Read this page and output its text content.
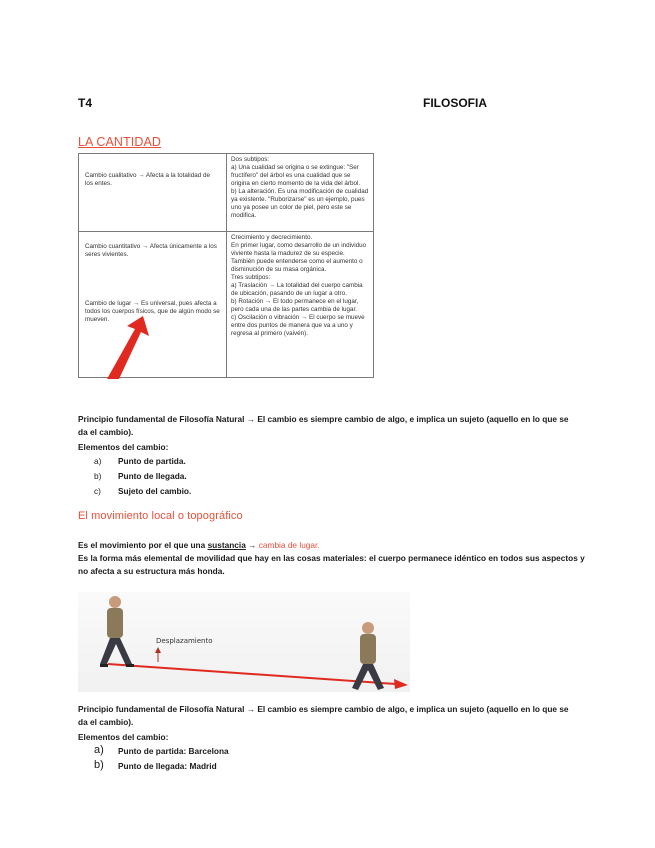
T4	FILOSOFIA
LA CANTIDAD

Cambio cualitativo → Afecta a la totalidad de los entes.

Dos subtipos:

a) Una cualidad se origina o se extingue: "Ser fructífero" del árbol es una cualidad que se origina en cierto momento de la vida del árbol.

b) La alteración. Es una modificación de cualidad ya existente. "Ruborizarse" es un ejemplo, pues uno ya posee un color de piel, pero este se modifica.

Cambio cuantitativo → Afecta únicamente a los seres vivientes.

Cambio de lugar → Es universal, pues afecta a todos los cuerpos físicos, que de algún modo se mueven.

Crecimiento y decrecimiento.

En primer lugar, como desarrollo de un individuo viviente hasta la madurez de su especie.

También puede entenderse como el aumento o disminución de su masa orgánica.

Tres subtipos:

a) Traslación → La totalidad del cuerpo cambia de ubicación, pasando de un lugar a otro.

b) Rotación → El todo permanece en el lugar, pero cada una de las partes cambia de lugar.

c) Oscilación o vibración → El cuerpo se mueve entre dos puntos de manera que va a uno y regresa al primero (vaivén).

Principio fundamental de Filosofía Natural → El cambio es siempre cambio de algo, e implica un sujeto (aquello en lo que se da el cambio).
Elementos del cambio:
a) Punto de partida.
b) Punto de llegada.
c) Sujeto del cambio.
El movimiento local o topográfico
Es el movimiento por el que una sustancia → cambia de lugar.
Es la forma más elemental de movilidad que hay en las cosas materiales: el cuerpo permanece idéntico en todos sus aspectos y no afecta a su estructura más honda.
Desplazamiento
Principio fundamental de Filosofía Natural → El cambio es siempre cambio de algo, e implica un sujeto (aquello en lo que se da el cambio).
Elementos del cambio:
a) Punto de partida: Barcelona
b) Punto de llegada: Madrid
